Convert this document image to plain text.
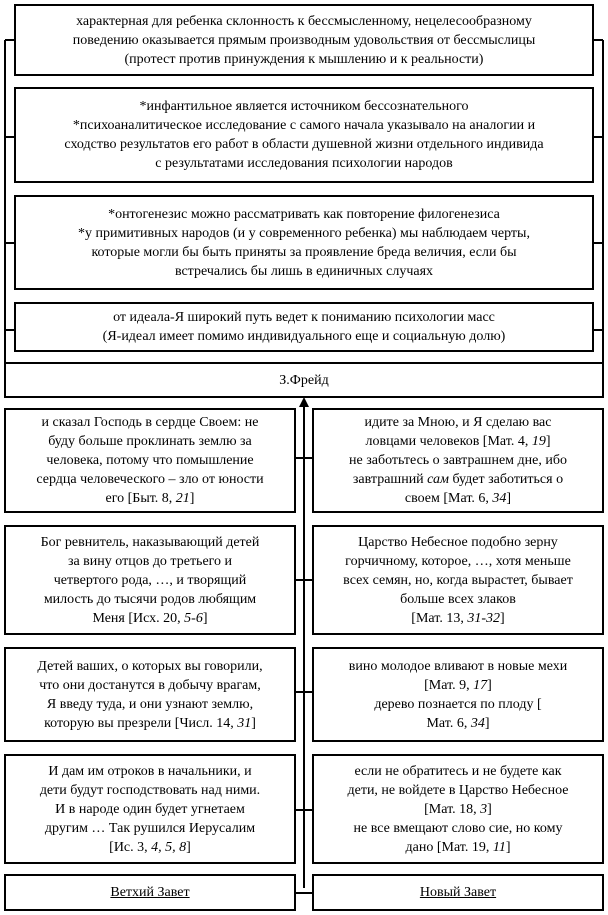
характерная для ребенка склонность к бессмысленному, нецелесообразному
поведению оказывается прямым производным удовольствия от бессмыслицы
(протест против принуждения к мышлению и к реальности)
*инфантильное является источником бессознательного
*психоаналитическое исследование с самого начала указывало на аналогии и
сходство результатов его работ в области душевной жизни отдельного индивида
с результатами исследования психологии народов
*онтогенезис можно рассматривать как повторение филогенезиса
*у примитивных народов (и у современного ребенка) мы наблюдаем черты,
которые могли бы быть приняты за проявление бреда величия, если бы
встречались бы лишь в единичных случаях
от идеала-Я широкий путь ведет к пониманию психологии масс
(Я-идеал имеет помимо индивидуального еще и социальную долю)
З.Фрейд
и сказал Господь в сердце Своем: не
буду больше проклинать землю за
человека, потому что помышление
сердца человеческого – зло от юности
его [Быт. 8, 21]
Бог ревнитель, наказывающий детей
за вину отцов до третьего и
четвертого рода, …, и творящий
милость до тысячи родов любящим
Меня [Исх. 20, 5-6]
Детей ваших, о которых вы говорили,
что они достанутся в добычу врагам,
Я введу туда, и они узнают землю,
которую вы презрели [Числ. 14, 31]
И дам им отроков в начальники, и
дети будут господствовать над ними.
И в народе один будет угнетаем
другим … Так рушился Иерусалим
[Ис. 3, 4, 5, 8]
Ветхий Завет
идите за Мною, и Я сделаю вас
ловцами человеков [Мат. 4, 19]
не заботьтесь о завтрашнем дне, ибо
завтрашний сам будет заботиться о
своем [Мат. 6, 34]
Царство Небесное подобно зерну
горчичному, которое, …, хотя меньше
всех семян, но, когда вырастет, бывает
больше всех злаков
[Мат. 13, 31-32]
вино молодое вливают в новые мехи
[Мат. 9, 17]
дерево познается по плоду [
Мат. 6, 34]
если не обратитесь и не будете как
дети, не войдете в Царство Небесное
[Мат. 18, 3]
не все вмещают слово сие, но кому
дано [Мат. 19, 11]
Новый Завет
